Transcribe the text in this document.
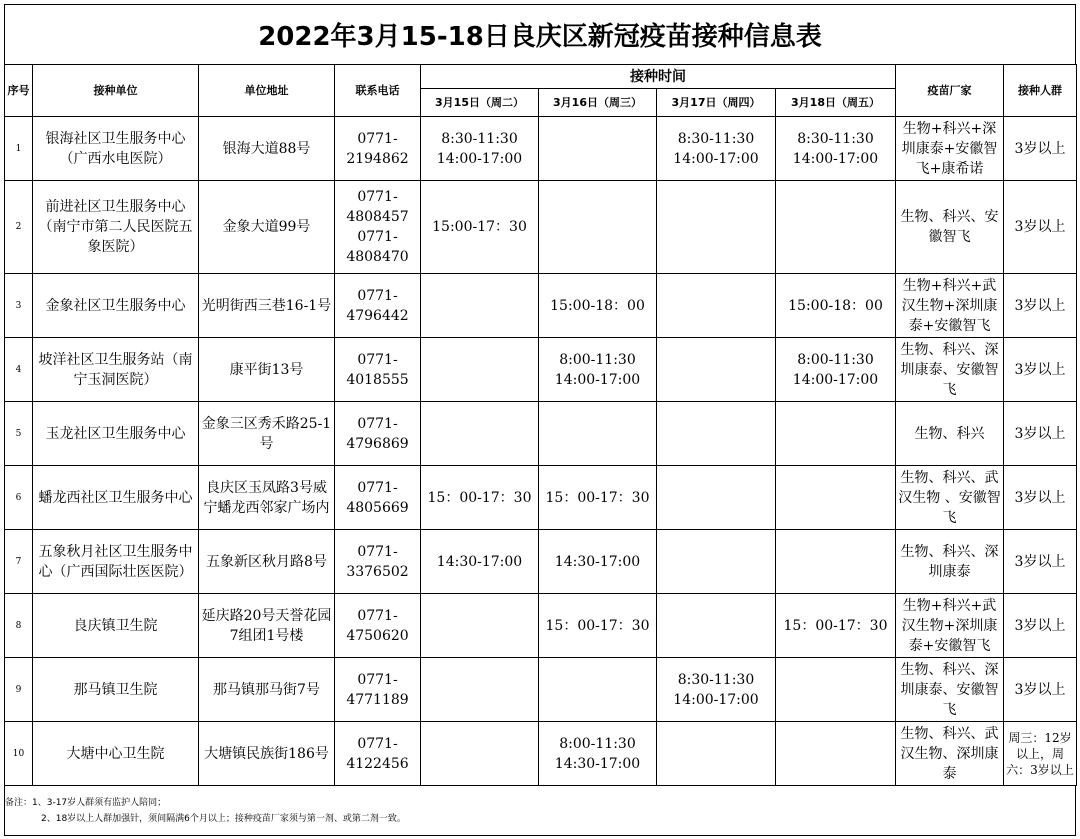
2022年3月15-18日良庆区新冠疫苗接种信息表
序号	接种单位	单位地址	联系电话	接种时间				疫苗厂家	接种人群
				3月15日（周二）	3月16日（周三）	3月17日（周四）	3月18日（周五）		
1	银海社区卫生服务中心（广西水电医院）	银海大道88号	0771-2194862	8:30-11:30 14:00-17:00		8:30-11:30 14:00-17:00	8:30-11:30 14:00-17:00	生物+科兴+深圳康泰+安徽智飞+康希诺	3岁以上
2	前进社区卫生服务中心（南宁市第二人民医院五象医院）	金象大道99号	0771-4808457 0771-4808470	15:00-17：30				生物、科兴、安徽智飞	3岁以上
3	金象社区卫生服务中心	光明街西三巷16-1号	0771-4796442		15:00-18：00		15:00-18：00	生物+科兴+武汉生物+深圳康泰+安徽智飞	3岁以上
4	坡洋社区卫生服务站（南宁玉洞医院）	康平街13号	0771-4018555		8:00-11:30 14:00-17:00		8:00-11:30 14:00-17:00	生物、科兴、深圳康泰、安徽智飞	3岁以上
5	玉龙社区卫生服务中心	金象三区秀禾路25-1号	0771-4796869					生物、科兴	3岁以上
6	蟠龙西社区卫生服务中心	良庆区玉凤路3号威宁蟠龙西邻家广场内	0771-4805669	15：00-17：30	15：00-17：30			生物、科兴、武汉生物 、安徽智飞	3岁以上
7	五象秋月社区卫生服务中心（广西国际壮医医院）	五象新区秋月路8号	0771-3376502	14:30-17:00	14:30-17:00			生物、科兴、深圳康泰	3岁以上
8	良庆镇卫生院	延庆路20号天誉花园7组团1号楼	0771-4750620		15：00-17：30		15：00-17：30	生物+科兴+武汉生物+深圳康泰+安徽智飞	3岁以上
9	那马镇卫生院	那马镇那马街7号	0771-4771189			8:30-11:30 14:00-17:00		生物、科兴、深圳康泰、安徽智飞	3岁以上
10	大塘中心卫生院	大塘镇民族街186号	0771-4122456		8:00-11:30 14:30-17:00			生物、科兴、武汉生物、深圳康泰	周三：12岁以上，周六：3岁以上
备注：1、3-17岁人群须有监护人陪同；
2、18岁以上人群加强针，须间隔满6个月以上；接种疫苗厂家须与第一剂、或第二剂一致。
